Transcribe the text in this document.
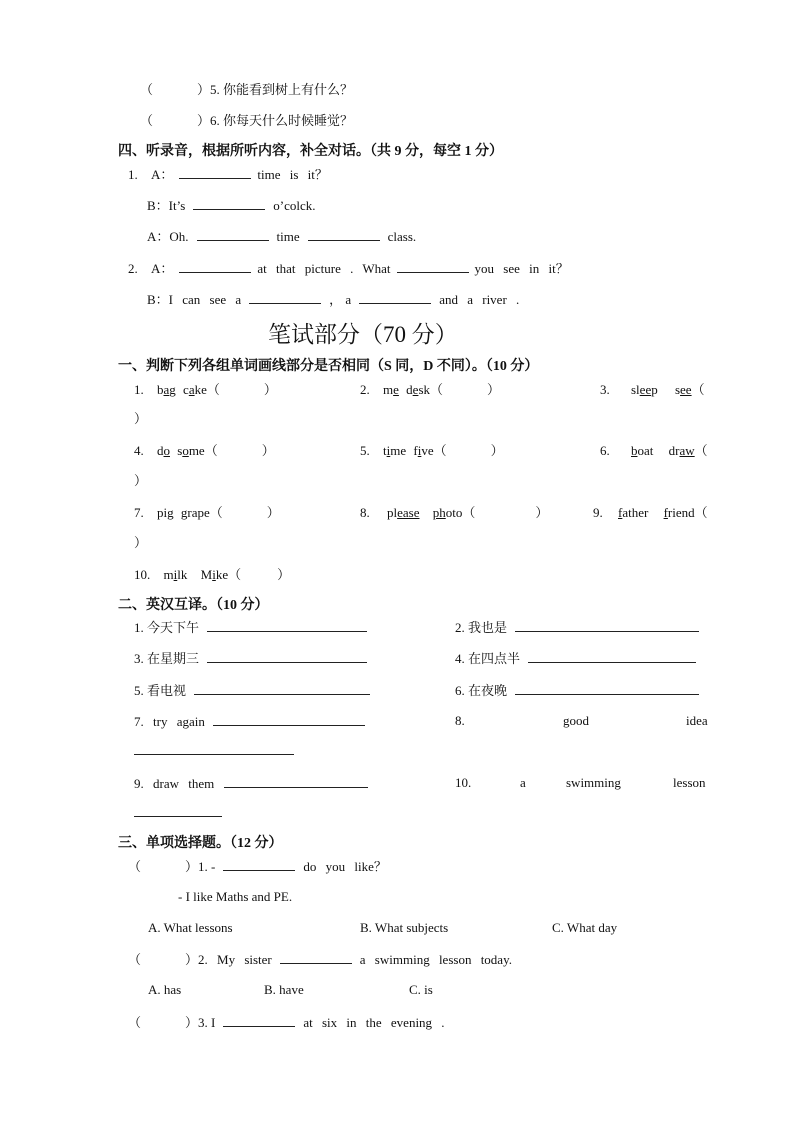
（	）5. 你能看到树上有什么？
（	）6. 你每天什么时候睡觉？
四、听录音，根据所听内容，补全对话。（共 9 分，每空 1 分）
1. A：	time is it？
B：It’s	o’colck.
A：Oh.	time	class.
2. A：	at that picture . What	you see in it？
B：I can see a	， a	and a river .
笔试部分（70 分）
一、判断下列各组单词画线部分是否相同（S 同，D 不同）。（10 分）
1. bag cake（	）	2. me desk（	）	3. sleep see（
）
4. do some（	）	5. time five（	）	6. boat draw（
）
7. pig grape（	）	8. please photo（	）	9. father friend（
）
10. milk Mike（	）
二、英汉互译。（10 分）
1. 今天下午	2. 我也是
3. 在星期三	4. 在四点半
5. 看电视	6. 在夜晚
7. try again	8.	good	idea
9. draw them	10.	a	swimming	lesson
三、单项选择题。（12 分）
（	）1. -	do you like？
- I like Maths and PE.
A. What lessons	B. What subjects	C. What day
（	）2. My sister	a swimming lesson today.
A. has	B. have	C. is
（	）3. I	at six in the evening .
